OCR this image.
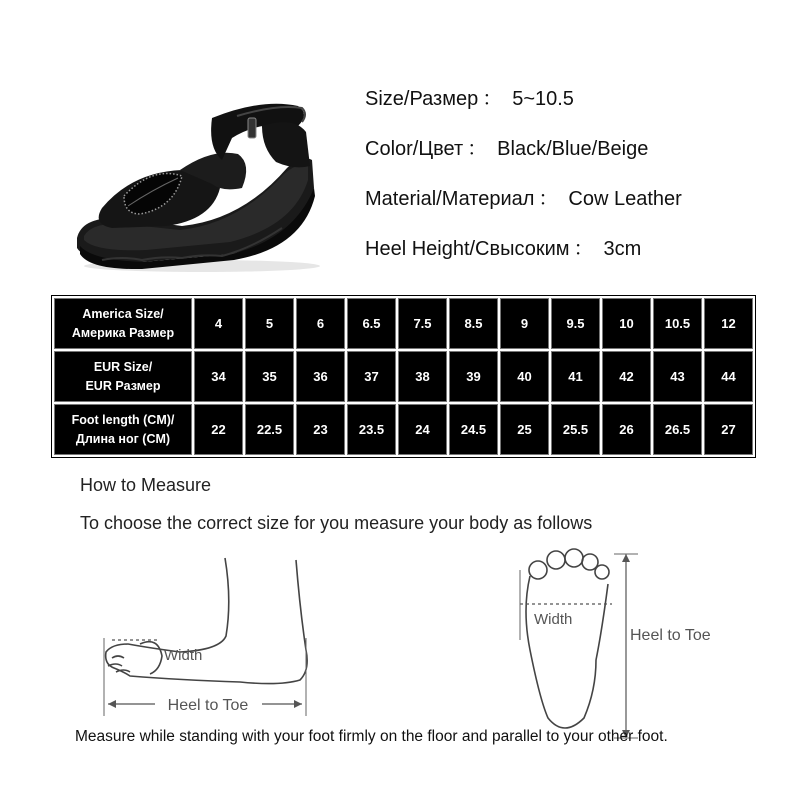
Size/Размер ： 5~10.5
Color/Цвет ： Black/Blue/Beige
Material/Материал ： Cow Leather
Heel Height/Свысоким ： 3cm
America Size/
Америка Размер	4	5	6	6.5	7.5	8.5	9	9.5	10	10.5	12
EUR Size/
EUR Pазмер	34	35	36	37	38	39	40	41	42	43	44
Foot length (CM)/
Длина ног (CM)	22	22.5	23	23.5	24	24.5	25	25.5	26	26.5	27
How to Measure
To choose the correct size for you measure your body as follows
Width
Heel to Toe
Width
Heel to Toe
Measure while standing with your foot firmly on the floor and parallel to your other foot.
